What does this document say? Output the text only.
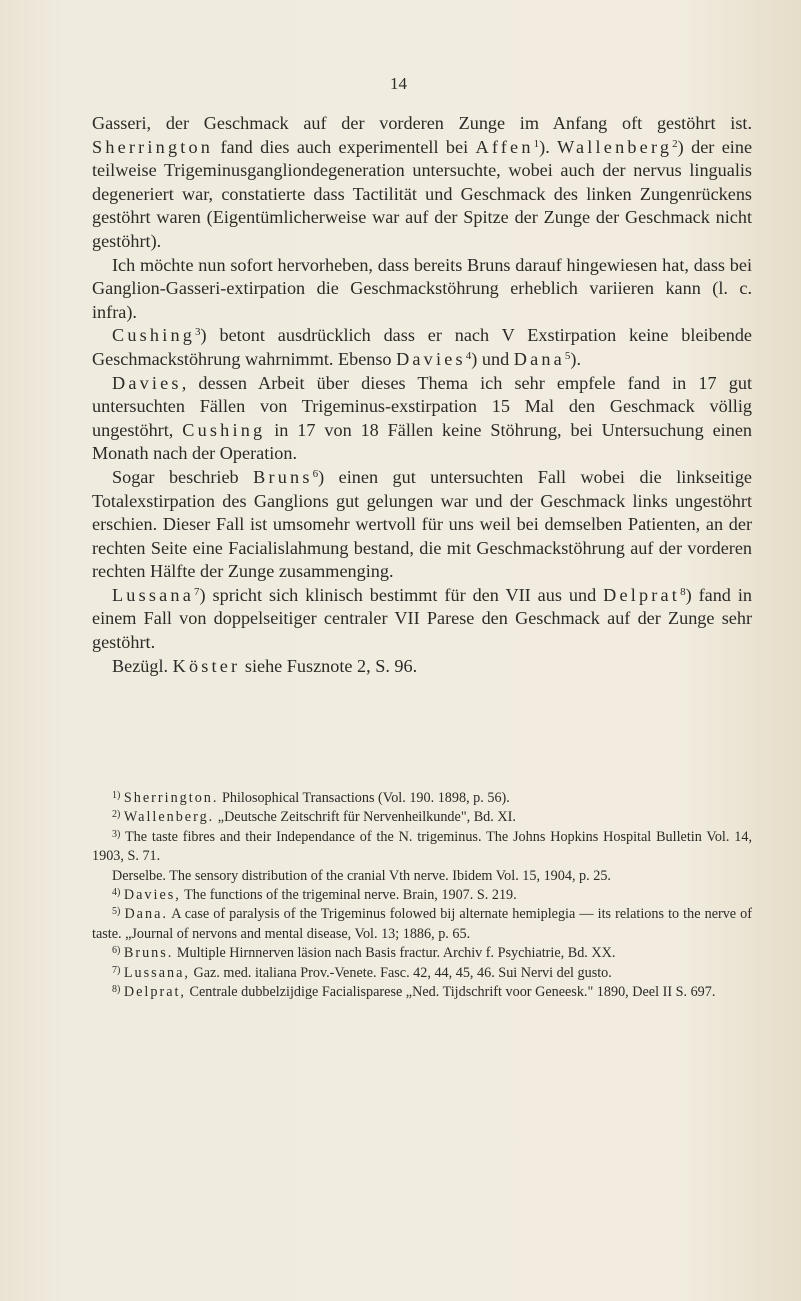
14

Gasseri, der Geschmack auf der vorderen Zunge im Anfang oft gestöhrt ist. Sherrington fand dies auch experimentell bei Affen$^1$). Wallenberg$^2$) der eine teilweise Trigeminusgangliondegeneration untersuchte, wobei auch der nervus lingualis degeneriert war, constatierte dass Tactilität und Geschmack des linken Zungenrückens gestöhrt waren (Eigentümlicherweise war auf der Spitze der Zunge der Geschmack nicht gestöhrt).

Ich möchte nun sofort hervorheben, dass bereits Bruns darauf hingewiesen hat, dass bei Ganglion-Gasseri-extirpation die Geschmackstöhrung erheblich variieren kann (l. c. infra).

Cushing$^3$) betont ausdrücklich dass er nach V Exstirpation keine bleibende Geschmackstöhrung wahrnimmt. Ebenso Davies$^4$) und Dana$^5$).

Davies, dessen Arbeit über dieses Thema ich sehr empfele fand in 17 gut untersuchten Fällen von Trigeminus-exstirpation 15 Mal den Geschmack völlig ungestöhrt, Cushing in 17 von 18 Fällen keine Stöhrung, bei Untersuchung einen Monath nach der Operation.

Sogar beschrieb Bruns$^6$) einen gut untersuchten Fall wobei die linkseitige Totalexstirpation des Ganglions gut gelungen war und der Geschmack links ungestöhrt erschien. Dieser Fall ist umsomehr wertvoll für uns weil bei demselben Patienten, an der rechten Seite eine Facialislahmung bestand, die mit Geschmackstöhrung auf der vorderen rechten Hälfte der Zunge zusammenging.

Lussana$^7$) spricht sich klinisch bestimmt für den VII aus und Delprat$^8$) fand in einem Fall von doppelseitiger centraler VII Parese den Geschmack auf der Zunge sehr gestöhrt.

Bezügl. Köster siehe Fusznote 2, S. 96.

$^{1)}$ Sherrington. Philosophical Transactions (Vol. 190. 1898, p. 56).

$^{2)}$ Wallenberg. „Deutsche Zeitschrift für Nervenheilkunde", Bd. XI.

$^{3)}$ The taste fibres and their Independance of the N. trigeminus. The Johns Hopkins Hospital Bulletin Vol. 14, 1903, S. 71.

Derselbe. The sensory distribution of the cranial Vth nerve. Ibidem Vol. 15, 1904, p. 25.

$^{4)}$ Davies, The functions of the trigeminal nerve. Brain, 1907. S. 219.

$^{5)}$ Dana. A case of paralysis of the Trigeminus folowed bij alternate hemiplegia — its relations to the nerve of taste. „Journal of nervons and mental disease, Vol. 13; 1886, p. 65.

$^{6)}$ Bruns. Multiple Hirnnerven läsion nach Basis fractur. Archiv f. Psychiatrie, Bd. XX.

$^{7)}$ Lussana, Gaz. med. italiana Prov.-Venete. Fasc. 42, 44, 45, 46. Sui Nervi del gusto.

$^{8)}$ Delprat, Centrale dubbelzijdige Facialisparese „Ned. Tijdschrift voor Geneesk." 1890, Deel II S. 697.
